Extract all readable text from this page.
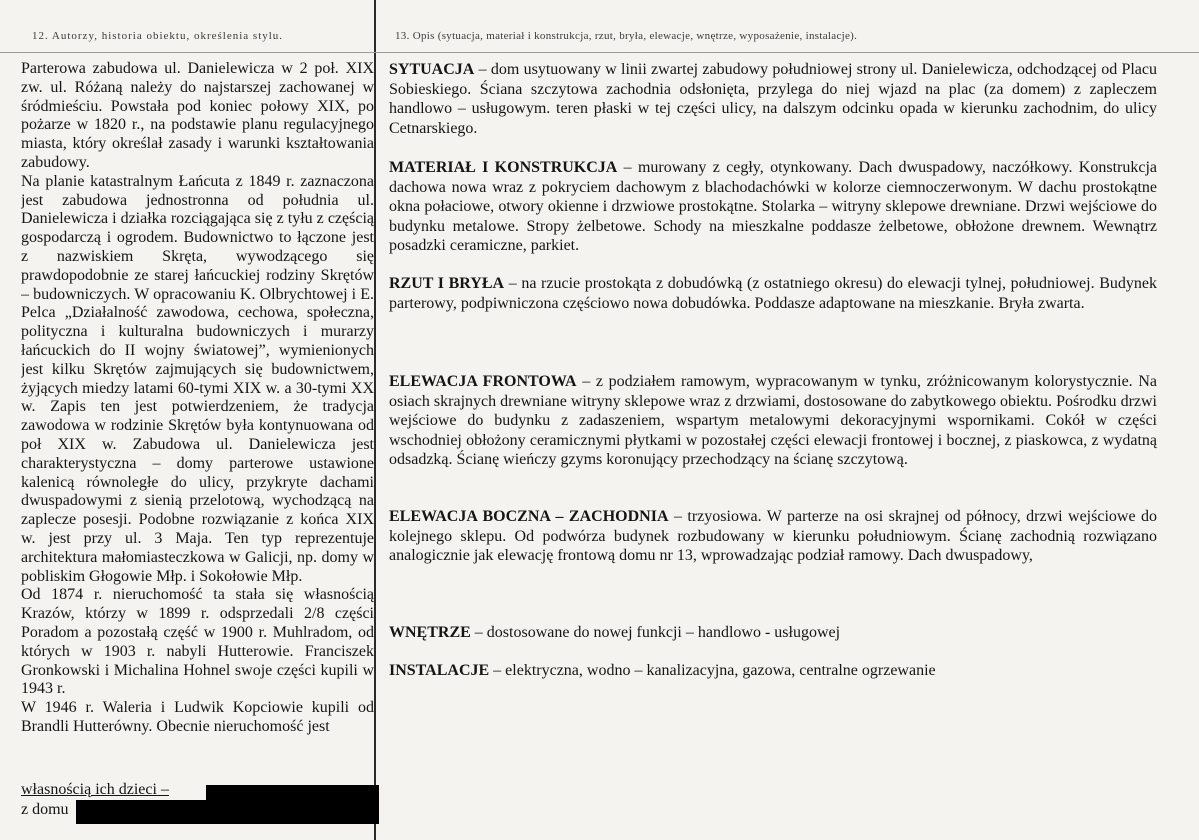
12. Autorzy, historia obiektu, określenia stylu.	13. Opis (sytuacja, materiał i konstrukcja, rzut, bryła, elewacje, wnętrze, wyposażenie, instalacje).

Parterowa zabudowa ul. Danielewicza w 2 poł. XIX zw. ul. Różaną należy do najstarszej zachowanej w śródmieściu. Powstała pod koniec połowy XIX, po pożarze w 1820 r., na podstawie planu regulacyjnego miasta, który określał zasady i warunki kształtowania zabudowy.

Na planie katastralnym Łańcuta z 1849 r. zaznaczona jest zabudowa jednostronna od południa ul. Danielewicza i działka rozciągająca się z tyłu z częścią gospodarczą i ogrodem. Budownictwo to łączone jest z nazwiskiem Skręta, wywodzącego się prawdopodobnie ze starej łańcuckiej rodziny Skrętów – budowniczych. W opracowaniu K. Olbrychtowej i E. Pelca „Działalność zawodowa, cechowa, społeczna, polityczna i kulturalna budowniczych i murarzy łańcuckich do II wojny światowej”, wymienionych jest kilku Skrętów zajmujących się budownictwem, żyjących miedzy latami 60-tymi XIX w. a 30-tymi XX w. Zapis ten jest potwierdzeniem, że tradycja zawodowa w rodzinie Skrętów była kontynuowana od poł XIX w. Zabudowa ul. Danielewicza jest charakterystyczna – domy parterowe ustawione kalenicą równoległe do ulicy, przykryte dachami dwuspadowymi z sienią przelotową, wychodzącą na zaplecze posesji. Podobne rozwiązanie z końca XIX w. jest przy ul. 3 Maja. Ten typ reprezentuje architektura małomiasteczkowa w Galicji, np. domy w pobliskim Głogowie Młp. i Sokołowie Młp.

Od 1874 r. nieruchomość ta stała się własnością Krazów, którzy w 1899 r. odsprzedali 2/8 części Poradom a pozostałą część w 1900 r. Muhlradom, od których w 1903 r. nabyli Hutterowie. Franciszek Gronkowski i Michalina Hohnel swoje części kupili w 1943 r.

W 1946 r. Waleria i Ludwik Kopciowie kupili od Brandli Hutterówny. Obecnie nieruchomość jest

własnością ich dzieci –
z domu

SYTUACJA – dom usytuowany w linii zwartej zabudowy południowej strony ul. Danielewicza, odchodzącej od Placu Sobieskiego. Ściana szczytowa zachodnia odsłonięta, przylega do niej wjazd na plac (za domem) z zapleczem handlowo – usługowym. teren płaski w tej części ulicy, na dalszym odcinku opada w kierunku zachodnim, do ulicy Cetnarskiego.

MATERIAŁ I KONSTRUKCJA – murowany z cegły, otynkowany. Dach dwuspadowy, naczółkowy. Konstrukcja dachowa nowa wraz z pokryciem dachowym z blachodachówki w kolorze ciemnoczerwonym. W dachu prostokątne okna połaciowe, otwory okienne i drzwiowe prostokątne. Stolarka – witryny sklepowe drewniane. Drzwi wejściowe do budynku metalowe. Stropy żelbetowe. Schody na mieszkalne poddasze żelbetowe, obłożone drewnem. Wewnątrz posadzki ceramiczne, parkiet.

RZUT I BRYŁA – na rzucie prostokąta z dobudówką (z ostatniego okresu) do elewacji tylnej, południowej. Budynek parterowy, podpiwniczona częściowo nowa dobudówka. Poddasze adaptowane na mieszkanie. Bryła zwarta.

ELEWACJA FRONTOWA – z podziałem ramowym, wypracowanym w tynku, zróżnicowanym kolorystycznie. Na osiach skrajnych drewniane witryny sklepowe wraz z drzwiami, dostosowane do zabytkowego obiektu. Pośrodku drzwi wejściowe do budynku z zadaszeniem, wspartym metalowymi dekoracyjnymi wspornikami. Cokół w części wschodniej obłożony ceramicznymi płytkami w pozostałej części elewacji frontowej i bocznej, z piaskowca, z wydatną odsadzką. Ścianę wieńczy gzyms koronujący przechodzący na ścianę szczytową.

ELEWACJA BOCZNA – ZACHODNIA – trzyosiowa. W parterze na osi skrajnej od północy, drzwi wejściowe do kolejnego sklepu. Od podwórza budynek rozbudowany w kierunku południowym. Ścianę zachodnią rozwiązano analogicznie jak elewację frontową domu nr 13, wprowadzając podział ramowy. Dach dwuspadowy,

WNĘTRZE – dostosowane do nowej funkcji – handlowo - usługowej

INSTALACJE – elektryczna, wodno – kanalizacyjna, gazowa, centralne ogrzewanie
